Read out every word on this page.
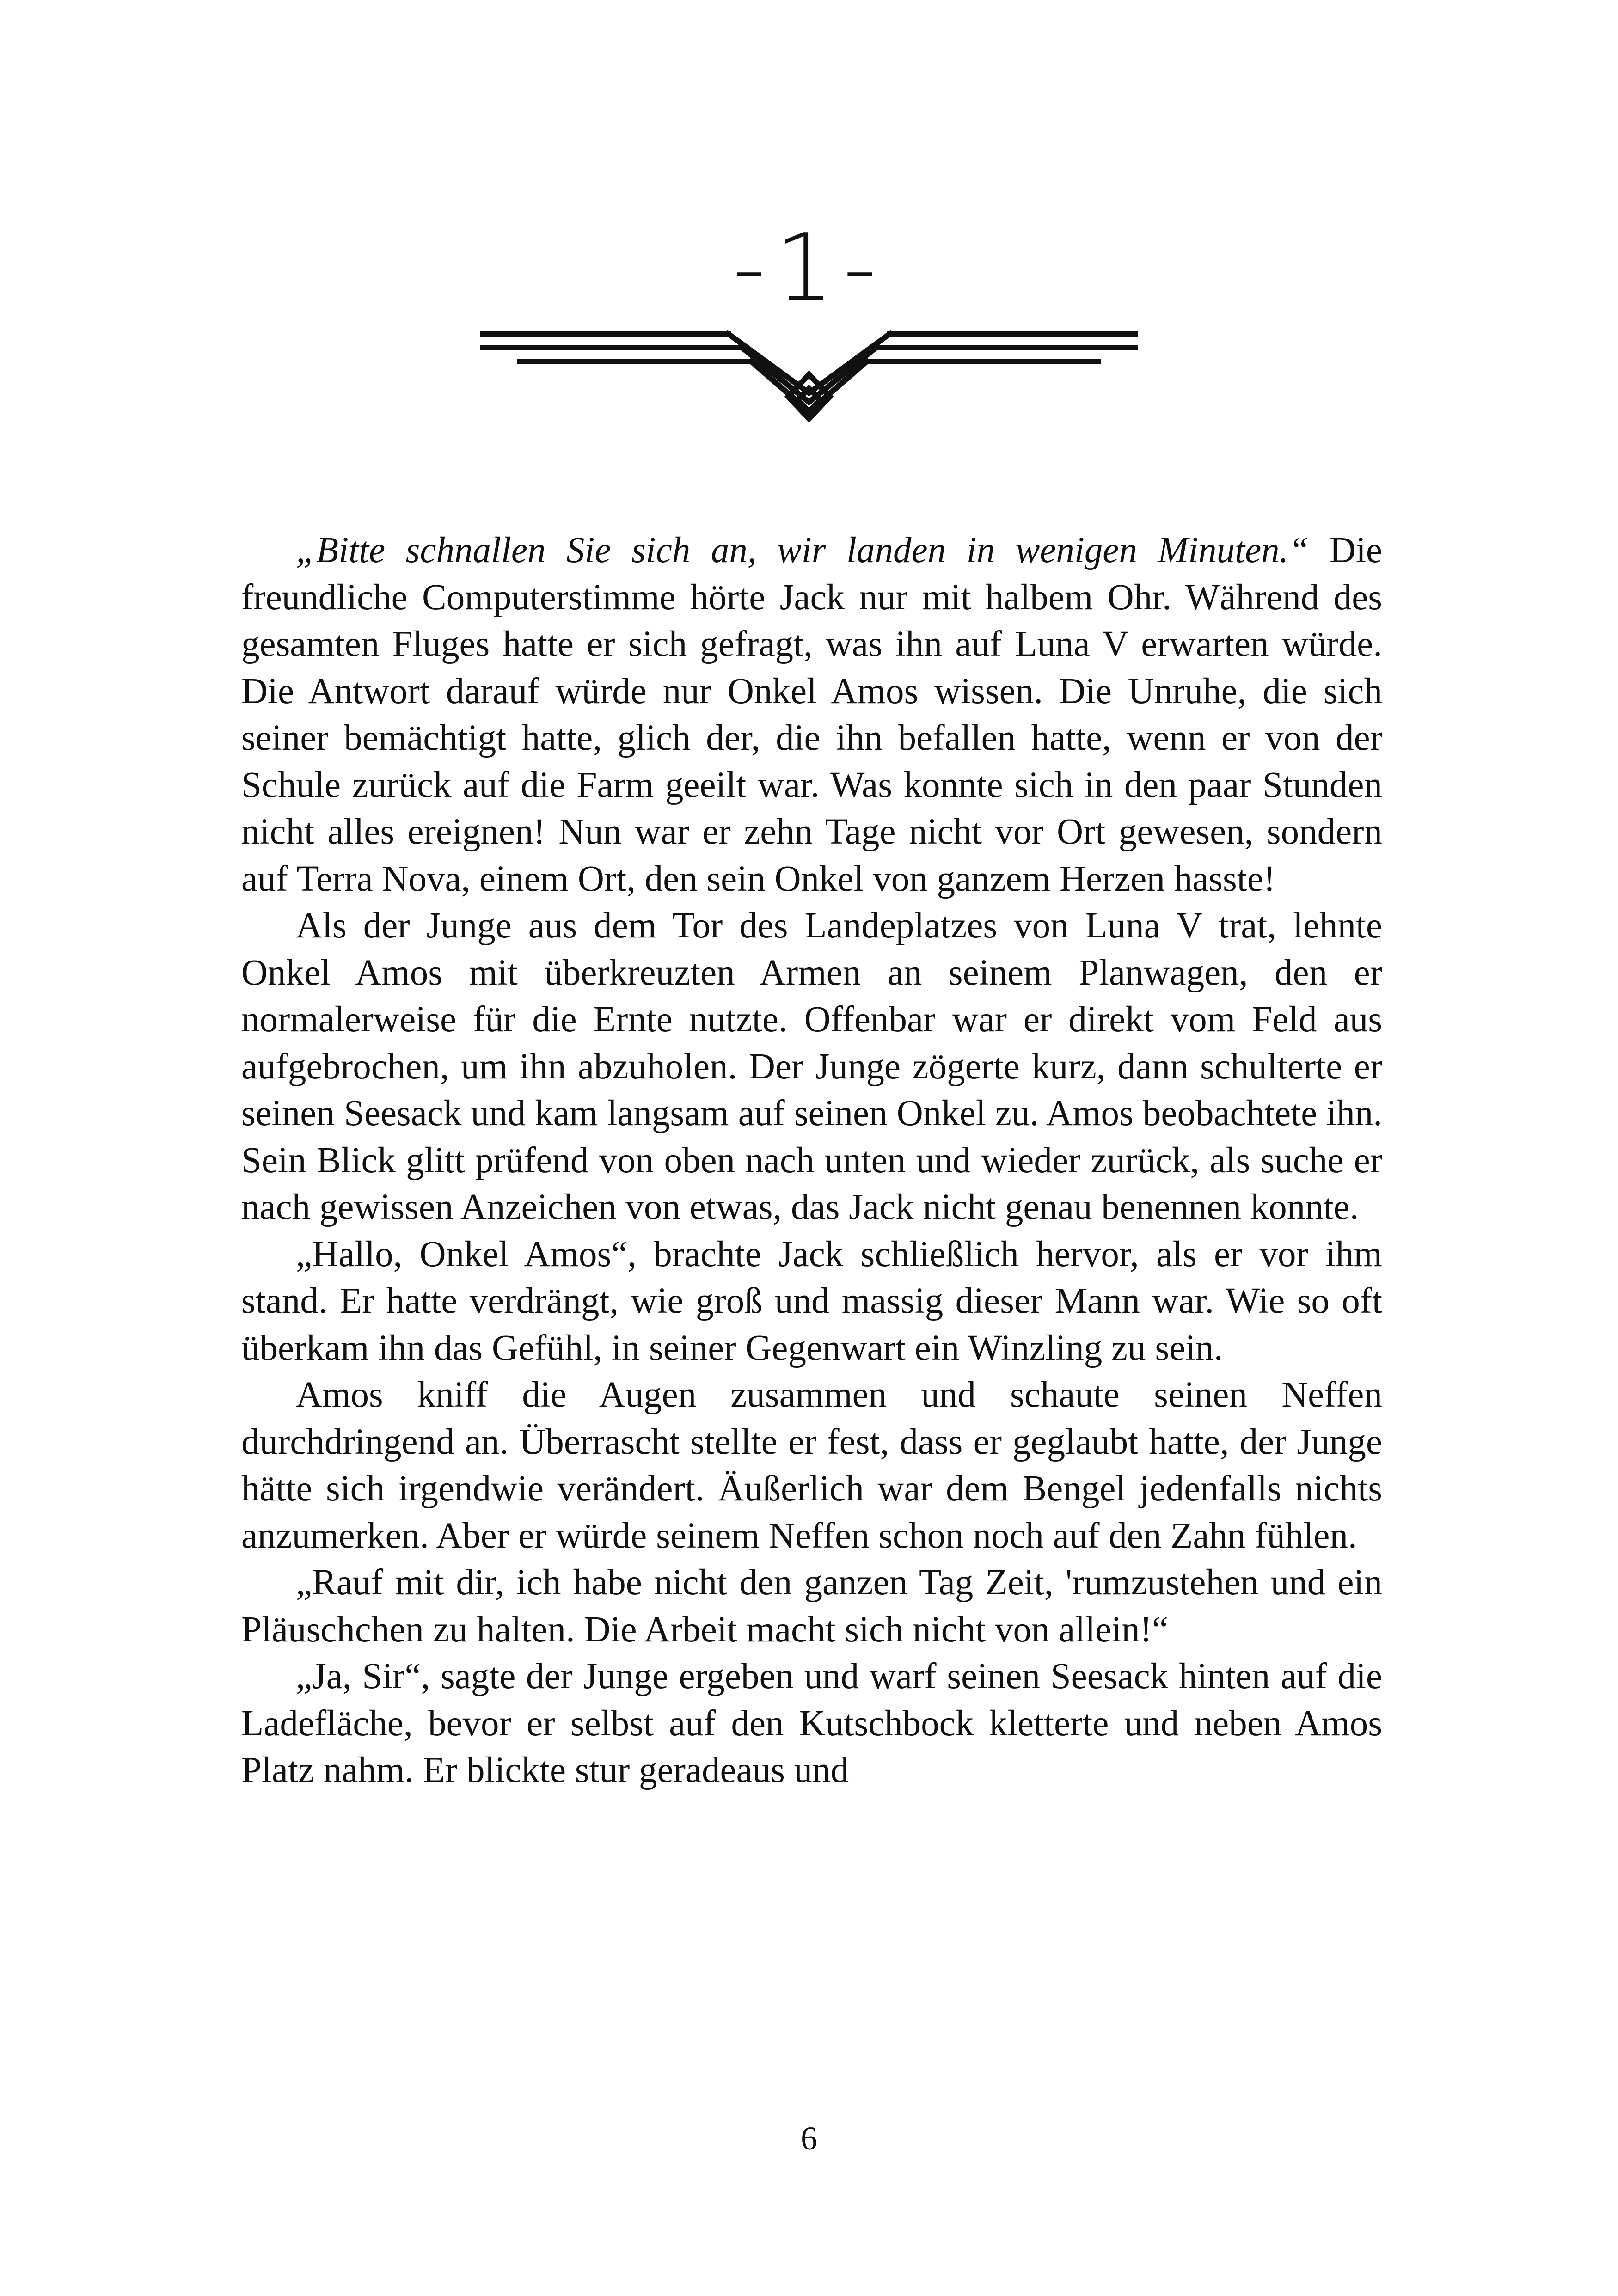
-1-

„Bitte schnallen Sie sich an, wir landen in wenigen Minuten.“ Die freundliche Computerstimme hörte Jack nur mit halbem Ohr. Während des gesamten Fluges hatte er sich gefragt, was ihn auf Luna V erwarten würde. Die Antwort darauf würde nur Onkel Amos wissen. Die Unruhe, die sich seiner bemächtigt hatte, glich der, die ihn befallen hatte, wenn er von der Schule zurück auf die Farm geeilt war. Was konnte sich in den paar Stunden nicht alles ereignen! Nun war er zehn Tage nicht vor Ort gewesen, sondern auf Terra Nova, einem Ort, den sein Onkel von ganzem Herzen hasste!

Als der Junge aus dem Tor des Landeplatzes von Luna V trat, lehnte Onkel Amos mit überkreuzten Armen an seinem Planwagen, den er normalerweise für die Ernte nutzte. Offenbar war er direkt vom Feld aus aufgebrochen, um ihn abzuholen. Der Junge zögerte kurz, dann schulterte er seinen Seesack und kam langsam auf seinen Onkel zu. Amos beobachtete ihn. Sein Blick glitt prüfend von oben nach unten und wieder zurück, als suche er nach gewissen Anzeichen von etwas, das Jack nicht genau benennen konnte.

„Hallo, Onkel Amos“, brachte Jack schließlich hervor, als er vor ihm stand. Er hatte verdrängt, wie groß und massig dieser Mann war. Wie so oft überkam ihn das Gefühl, in seiner Gegenwart ein Winzling zu sein.

Amos kniff die Augen zusammen und schaute seinen Neffen durchdringend an. Überrascht stellte er fest, dass er geglaubt hatte, der Junge hätte sich irgendwie verändert. Äußerlich war dem Bengel jedenfalls nichts anzumerken. Aber er würde seinem Neffen schon noch auf den Zahn fühlen.

„Rauf mit dir, ich habe nicht den ganzen Tag Zeit, 'rumzustehen und ein Pläuschchen zu halten. Die Arbeit macht sich nicht von allein!“

„Ja, Sir“, sagte der Junge ergeben und warf seinen Seesack hinten auf die Ladefläche, bevor er selbst auf den Kutschbock kletterte und neben Amos Platz nahm. Er blickte stur geradeaus und

6
